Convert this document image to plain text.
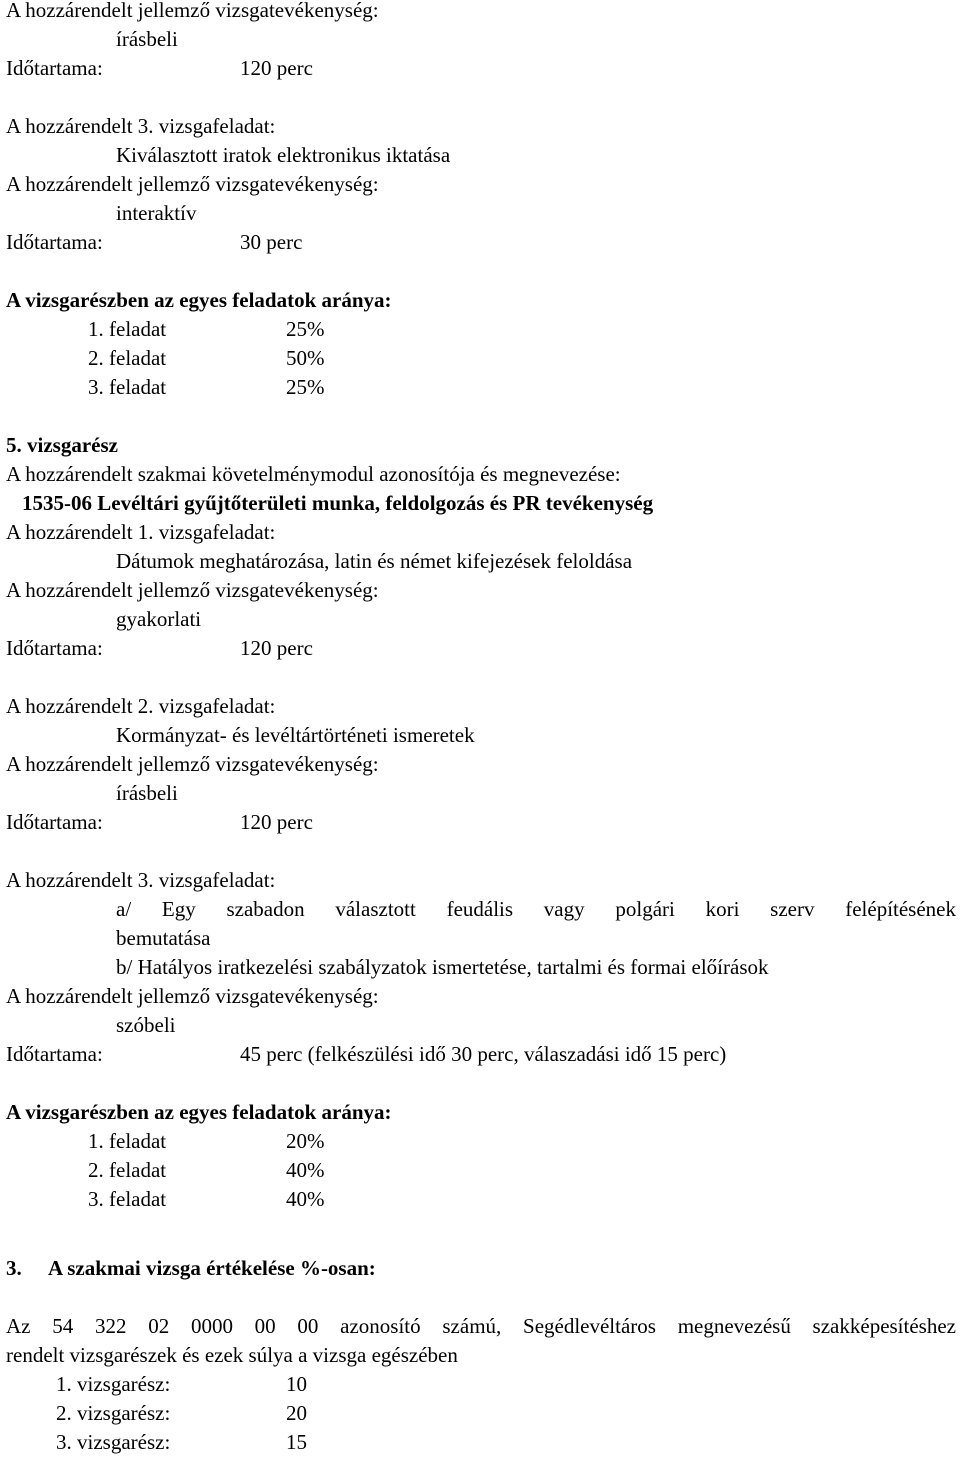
A hozzárendelt jellemző vizsgatevékenység:
írásbeli
Időtartama:	120 perc
A hozzárendelt 3. vizsgafeladat:
Kiválasztott iratok elektronikus iktatása
A hozzárendelt jellemző vizsgatevékenység:
interaktív
Időtartama:	30 perc
A vizsgarészben az egyes feladatok aránya:
1. feladat	25%
2. feladat	50%
3. feladat	25%
5. vizsgarész
A hozzárendelt szakmai követelménymodul azonosítója és megnevezése:
1535-06 Levéltári gyűjtőterületi munka, feldolgozás és PR tevékenység
A hozzárendelt 1. vizsgafeladat:
Dátumok meghatározása, latin és német kifejezések feloldása
A hozzárendelt jellemző vizsgatevékenység:
gyakorlati
Időtartama:	120 perc
A hozzárendelt 2. vizsgafeladat:
Kormányzat- és levéltártörténeti ismeretek
A hozzárendelt jellemző vizsgatevékenység:
írásbeli
Időtartama:	120 perc
A hozzárendelt 3. vizsgafeladat:
a/ Egy szabadon választott feudális vagy polgári kori szerv felépítésének
bemutatása
b/ Hatályos iratkezelési szabályzatok ismertetése, tartalmi és formai előírások
A hozzárendelt jellemző vizsgatevékenység:
szóbeli
Időtartama:	45 perc (felkészülési idő 30 perc, válaszadási idő 15 perc)
A vizsgarészben az egyes feladatok aránya:
1. feladat	20%
2. feladat	40%
3. feladat	40%
3. A szakmai vizsga értékelése %-osan:
Az 54 322 02 0000 00 00 azonosító számú, Segédlevéltáros megnevezésű szakképesítéshez
rendelt vizsgarészek és ezek súlya a vizsga egészében
1. vizsgarész:	10
2. vizsgarész:	20
3. vizsgarész:	15
